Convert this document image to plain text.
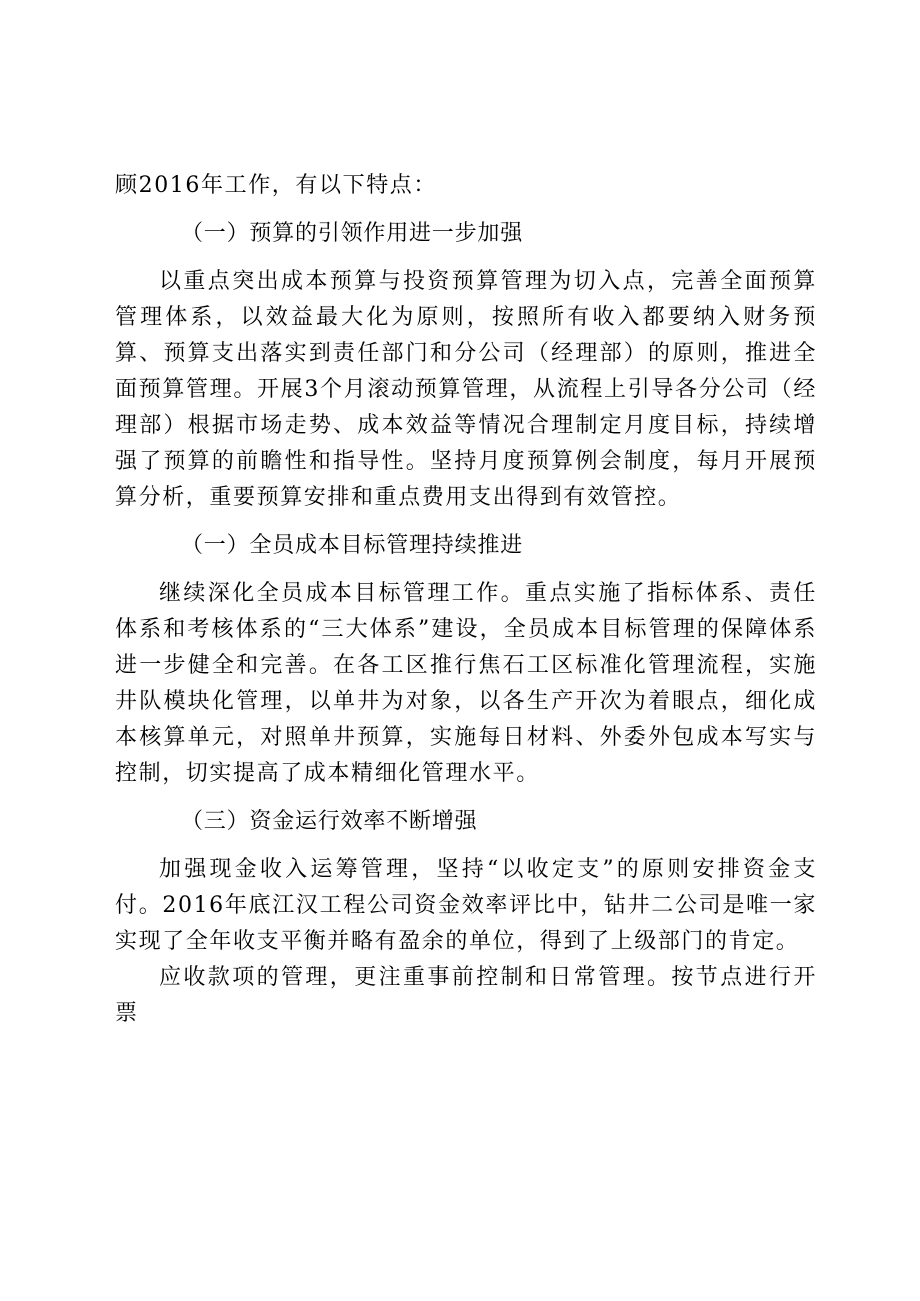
顾2016年工作，有以下特点：

（一）预算的引领作用进一步加强

以重点突出成本预算与投资预算管理为切入点，完善全面预算管理体系，以效益最大化为原则，按照所有收入都要纳入财务预算、预算支出落实到责任部门和分公司（经理部）的原则，推进全面预算管理。开展3个月滚动预算管理，从流程上引导各分公司（经理部）根据市场走势、成本效益等情况合理制定月度目标，持续增强了预算的前瞻性和指导性。坚持月度预算例会制度，每月开展预算分析，重要预算安排和重点费用支出得到有效管控。

（一）全员成本目标管理持续推进

继续深化全员成本目标管理工作。重点实施了指标体系、责任体系和考核体系的“三大体系”建设，全员成本目标管理的保障体系进一步健全和完善。在各工区推行焦石工区标准化管理流程，实施井队模块化管理，以单井为对象，以各生产开次为着眼点，细化成本核算单元，对照单井预算，实施每日材料、外委外包成本写实与控制，切实提高了成本精细化管理水平。

（三）资金运行效率不断增强

加强现金收入运筹管理，坚持“以收定支”的原则安排资金支付。2016年底江汉工程公司资金效率评比中，钻井二公司是唯一家实现了全年收支平衡并略有盈余的单位，得到了上级部门的肯定。

应收款项的管理，更注重事前控制和日常管理。按节点进行开票
